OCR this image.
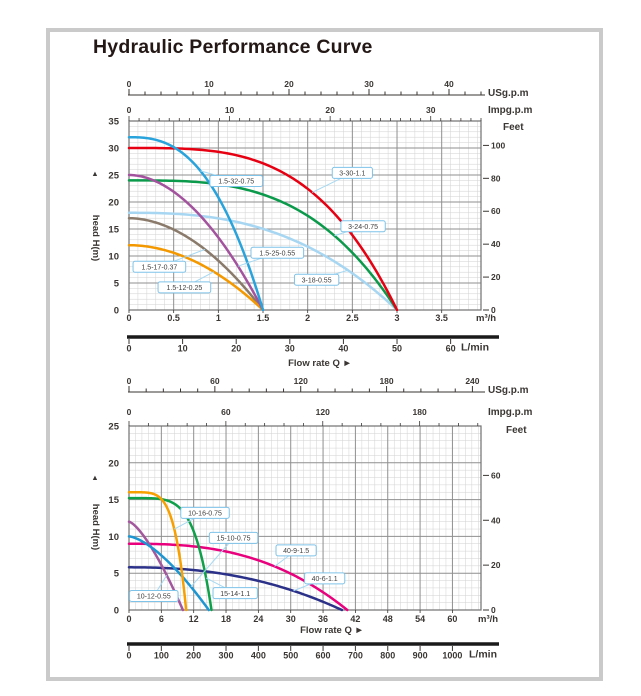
Hydraulic Performance Curve
0
5
10
15
20
25
30
35
head H(m)
▲
0	10	20	30	40
USg.p.m
0	10	20	30	Impg.p.m
0
20
40
60
80
100
Feet
0	0.5	1	1.5	2	2.5	3	3.5	m³/h
0	10	20	30	40	50	60 L/min
Flow rate Q ►
3-18-0.55
1.5-17-0.37
1.5-12-0.25
3-24-0.75
3-30-1.1
1.5-25-0.55
1.5-32-0.75
0
5
10
15
20
25
head H(m)
▲
0	60	120	180	240
USg.p.m
0	60	120	180	Impg.p.m
0
20
40
60
Feet
0	6	12 18 24 30 36 42 48 54 60 m³/h
0 100 200 300 400 500 600 700 800 900 1000 L/min
Flow rate Q ►
40-6-1.1
40-9-1.5
10-12-0.55
15-10-0.75
15-14-1.1
10-16-0.75
